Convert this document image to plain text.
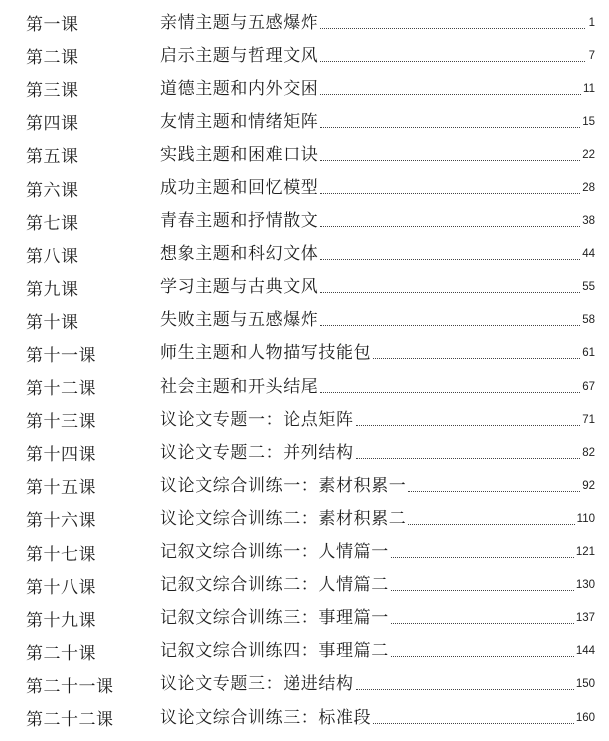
第一课	亲情主题与五感爆炸	1
第二课	启示主题与哲理文风	7
第三课	道德主题和内外交困	11
第四课	友情主题和情绪矩阵	15
第五课	实践主题和困难口诀	22
第六课	成功主题和回忆模型	28
第七课	青春主题和抒情散文	38
第八课	想象主题和科幻文体	44
第九课	学习主题与古典文风	55
第十课	失败主题与五感爆炸	58
第十一课	师生主题和人物描写技能包	61
第十二课	社会主题和开头结尾	67
第十三课	议论文专题一：论点矩阵	71
第十四课	议论文专题二：并列结构	82
第十五课	议论文综合训练一：素材积累一	92
第十六课	议论文综合训练二：素材积累二	110
第十七课	记叙文综合训练一：人情篇一	121
第十八课	记叙文综合训练二：人情篇二	130
第十九课	记叙文综合训练三：事理篇一	137
第二十课	记叙文综合训练四：事理篇二	144
第二十一课	议论文专题三：递进结构	150
第二十二课	议论文综合训练三：标准段	160
